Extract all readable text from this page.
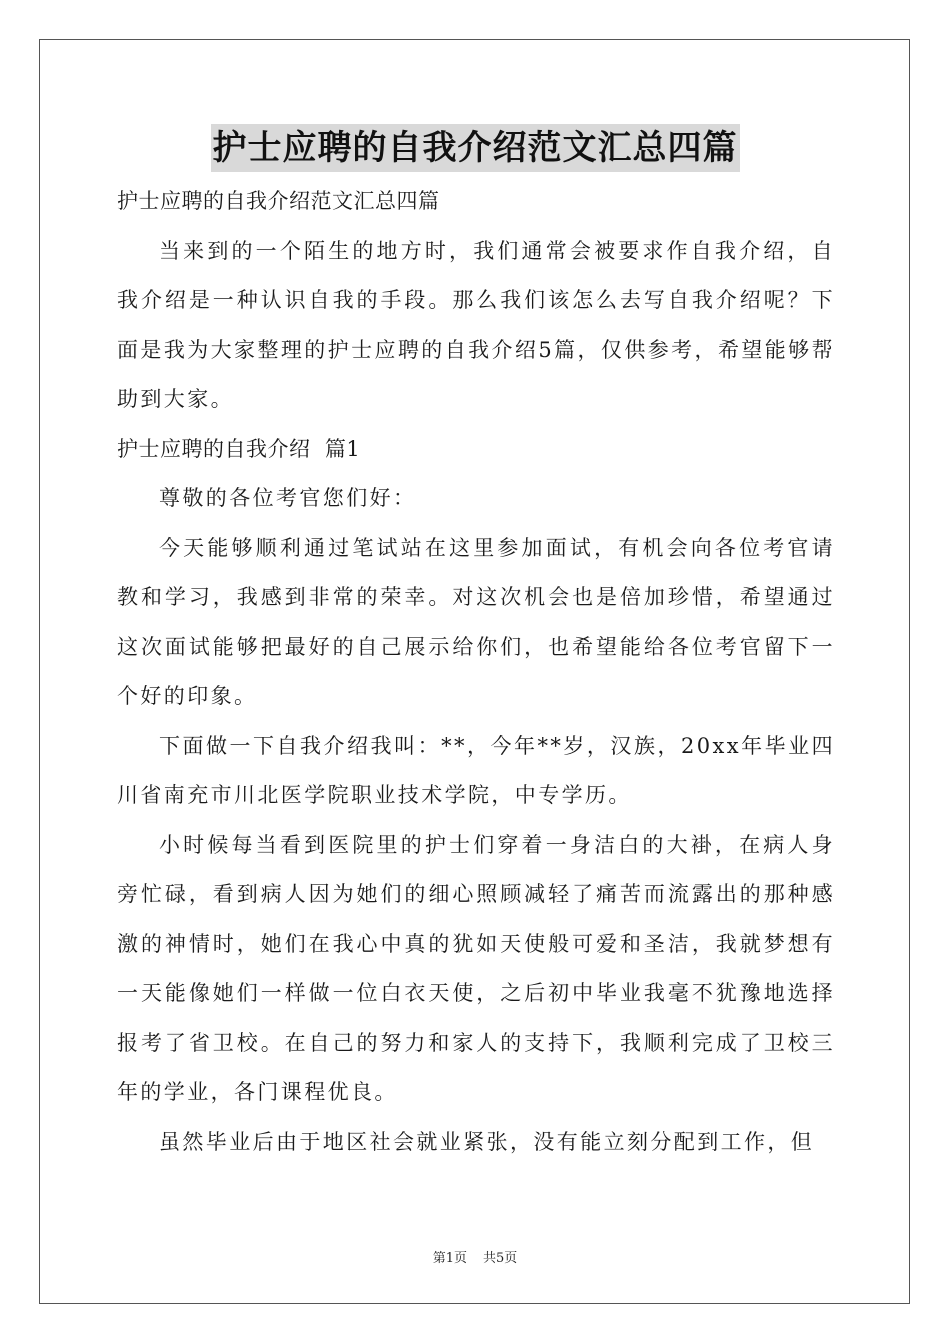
护士应聘的自我介绍范文汇总四篇

护士应聘的自我介绍范文汇总四篇

当来到的一个陌生的地方时，我们通常会被要求作自我介绍，自我介绍是一种认识自我的手段。那么我们该怎么去写自我介绍呢？下面是我为大家整理的护士应聘的自我介绍5篇，仅供参考，希望能够帮助到大家。

护士应聘的自我介绍  篇1

尊敬的各位考官您们好：

今天能够顺利通过笔试站在这里参加面试，有机会向各位考官请教和学习，我感到非常的荣幸。对这次机会也是倍加珍惜，希望通过这次面试能够把最好的自己展示给你们，也希望能给各位考官留下一个好的印象。

下面做一下自我介绍我叫：**，今年**岁，汉族，20xx年毕业四川省南充市川北医学院职业技术学院，中专学历。

小时候每当看到医院里的护士们穿着一身洁白的大褂，在病人身旁忙碌，看到病人因为她们的细心照顾减轻了痛苦而流露出的那种感激的神情时，她们在我心中真的犹如天使般可爱和圣洁，我就梦想有一天能像她们一样做一位白衣天使，之后初中毕业我毫不犹豫地选择报考了省卫校。在自己的努力和家人的支持下，我顺利完成了卫校三年的学业，各门课程优良。

虽然毕业后由于地区社会就业紧张，没有能立刻分配到工作，但

第1页 共5页
